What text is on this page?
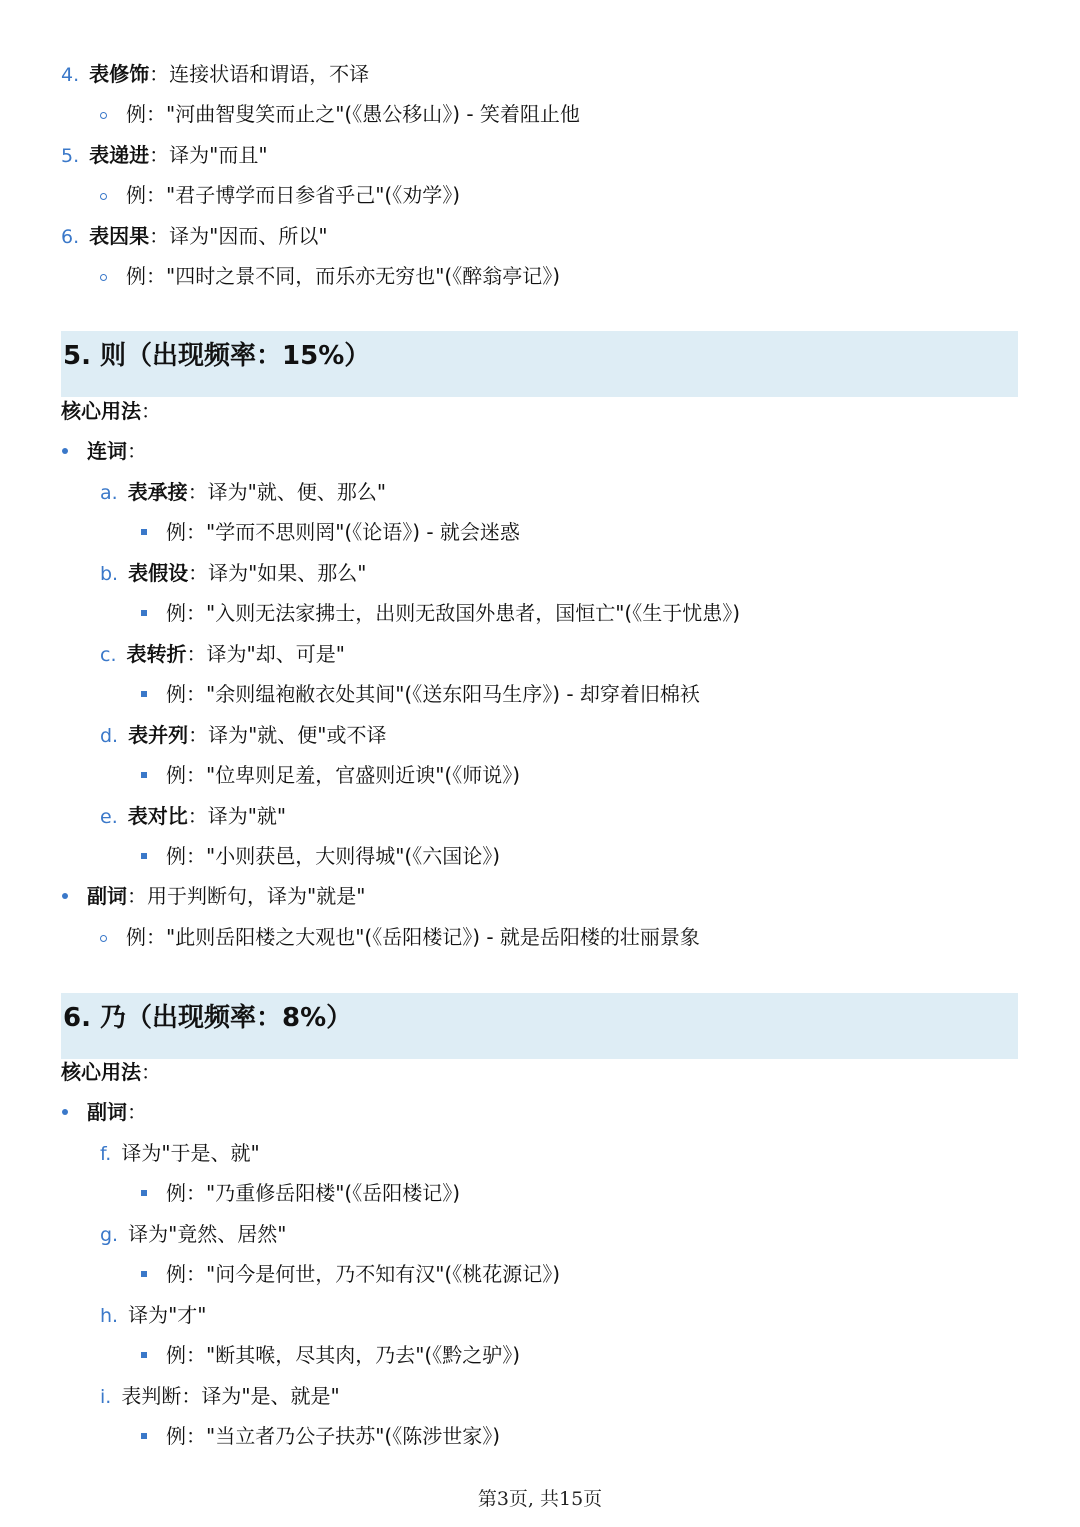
4. 表修饰：连接状语和谓语，不译
例："河曲智叟笑而止之"(《愚公移山》) - 笑着阻止他
5. 表递进：译为"而且"
例："君子博学而日参省乎己"(《劝学》)
6. 表因果：译为"因而、所以"
例："四时之景不同，而乐亦无穷也"(《醉翁亭记》)
5. 则（出现频率：15%）
核心用法：
连词：
a. 表承接：译为"就、便、那么"
例："学而不思则罔"(《论语》) - 就会迷惑
b. 表假设：译为"如果、那么"
例："入则无法家拂士，出则无敌国外患者，国恒亡"(《生于忧患》)
c. 表转折：译为"却、可是"
例："余则缊袍敝衣处其间"(《送东阳马生序》) - 却穿着旧棉袄
d. 表并列：译为"就、便"或不译
例："位卑则足羞，官盛则近谀"(《师说》)
e. 表对比：译为"就"
例："小则获邑，大则得城"(《六国论》)
副词：用于判断句，译为"就是"
例："此则岳阳楼之大观也"(《岳阳楼记》) - 就是岳阳楼的壮丽景象
6. 乃（出现频率：8%）
核心用法：
副词：
f. 译为"于是、就"
例："乃重修岳阳楼"(《岳阳楼记》)
g. 译为"竟然、居然"
例："问今是何世，乃不知有汉"(《桃花源记》)
h. 译为"才"
例："断其喉，尽其肉，乃去"(《黔之驴》)
i. 表判断：译为"是、就是"
例："当立者乃公子扶苏"(《陈涉世家》)
第3页, 共15页
